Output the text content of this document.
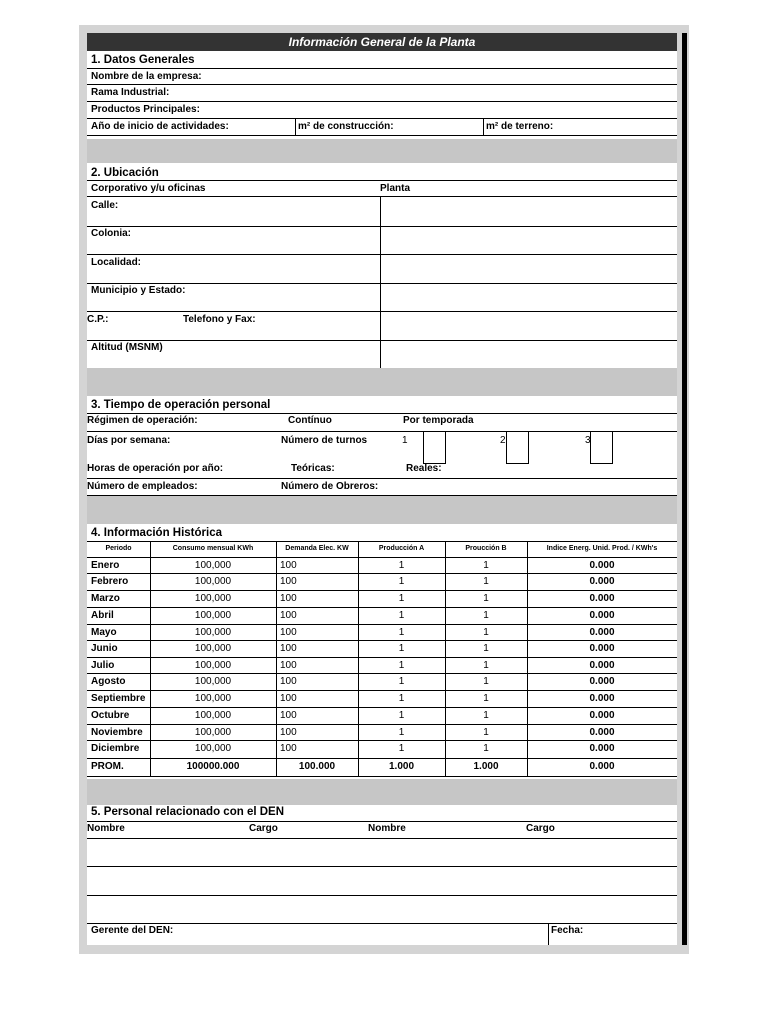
Información General de la Planta
1. Datos Generales
Nombre de la empresa:
Rama Industrial:
Productos Principales:
Año de inicio de actividades:	m² de construcción:	m² de terreno:
2. Ubicación
Corporativo y/u oficinas	Planta
Calle:
Colonia:
Localidad:
Municipio y Estado:
C.P.:	Telefono y Fax:
Altitud (MSNM)
3. Tiempo de operación personal
Régimen de operación:	Contínuo	Por temporada
Días por semana:	Número de turnos	1	2	3
Horas de operación por año:	Teóricas:	Reales:
Número de empleados:	Número de Obreros:
4. Información Histórica
Periodo	Consumo mensual KWh	Demanda Elec. KW	Producción A	Proucción B	Indice Energ. Unid. Prod. / KWh's
Enero	100,000	100	1	1	0.000
Febrero	100,000	100	1	1	0.000
Marzo	100,000	100	1	1	0.000
Abril	100,000	100	1	1	0.000
Mayo	100,000	100	1	1	0.000
Junio	100,000	100	1	1	0.000
Julio	100,000	100	1	1	0.000
Agosto	100,000	100	1	1	0.000
Septiembre	100,000	100	1	1	0.000
Octubre	100,000	100	1	1	0.000
Noviembre	100,000	100	1	1	0.000
Diciembre	100,000	100	1	1	0.000
PROM.	100000.000	100.000	1.000	1.000	0.000
5. Personal relacionado con el DEN
Nombre	Cargo	Nombre	Cargo
Gerente del DEN:	Fecha:
